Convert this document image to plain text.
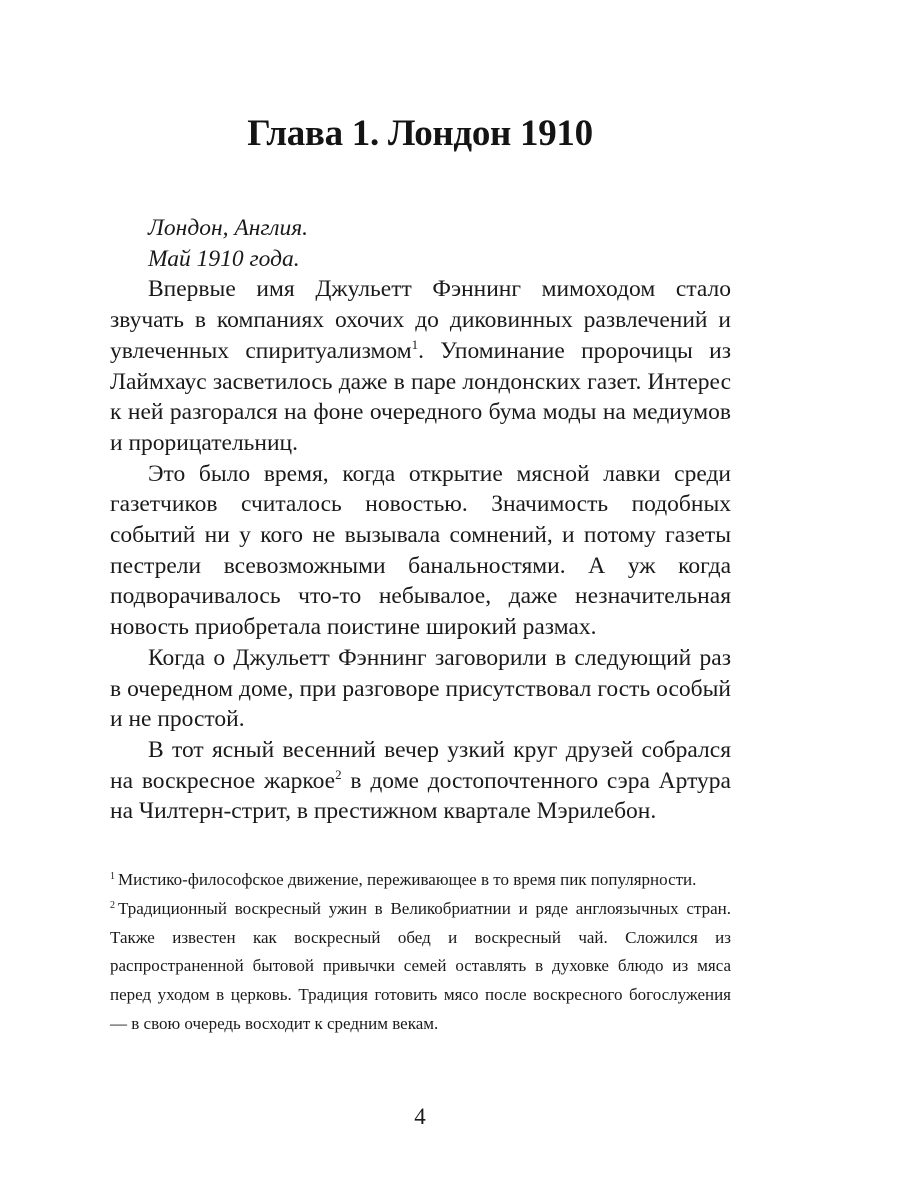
Глава 1. Лондон 1910

Лондон, Англия.

Май 1910 года.

Впервые имя Джульетт Фэннинг мимоходом стало звучать в компаниях охочих до диковинных развлечений и увлеченных спиритуализмом$^1$. Упоминание пророчицы из Лаймхаус засветилось даже в паре лондонских газет. Интерес к ней разгорался на фоне очередного бума моды на медиумов и прорицательниц.

Это было время, когда открытие мясной лавки среди газетчиков считалось новостью. Значимость подобных событий ни у кого не вызывала сомнений, и потому газеты пестрели всевозможными банальностями. А уж когда подворачивалось что-то небывалое, даже незначительная новость приобретала поистине широкий размах.

Когда о Джульетт Фэннинг заговорили в следующий раз в очередном доме, при разговоре присутствовал гость особый и не простой.

В тот ясный весенний вечер узкий круг друзей собрался на воскресное жаркое$^2$ в доме достопочтенного сэра Артура на Чилтерн-стрит, в престижном квартале Мэрилебон.

$^1$ Мистико-философское движение, переживающее в то время пик популярности.

$^2$ Традиционный воскресный ужин в Великобриатнии и ряде англоязычных стран. Также известен как воскресный обед и воскресный чай. Сложился из распространенной бытовой привычки семей оставлять в духовке блюдо из мяса перед уходом в церковь. Традиция готовить мясо после воскресного богослужения — в свою очередь восходит к средним векам.

4
